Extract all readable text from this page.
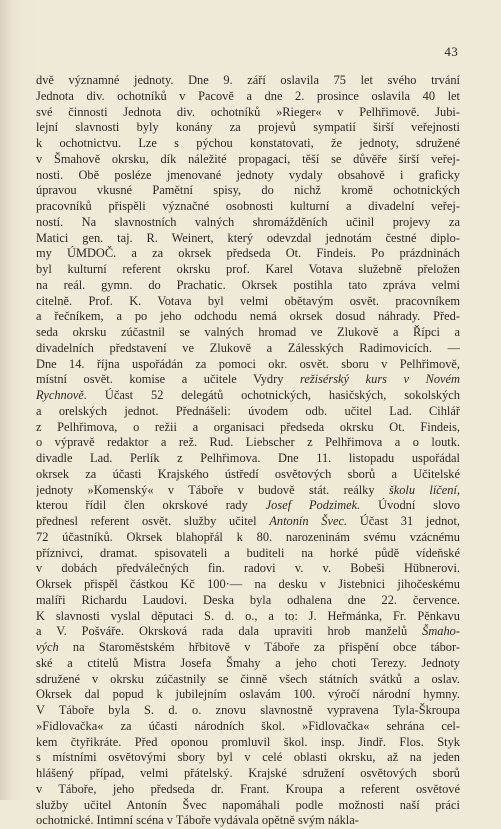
43
dvě významné jednoty. Dne 9. září oslavila 75 let svého trvání
Jednota div. ochotníků v Pacově a dne 2. prosince oslavila 40 let
své činnosti Jednota div. ochotníků »Rieger« v Pelhřimově. Jubi-
lejní slavnosti byly konány za projevů sympatií širší veřejnosti
k ochotnictvu. Lze s pýchou konstatovati, že jednoty, sdružené
v Šmahově okrsku, dík náležité propagaci, těší se důvěře širší veřej-
nosti. Obě posléze jmenované jednoty vydaly obsahově i graficky
úpravou vkusné Pamětní spisy, do nichž kromě ochotnických
pracovníků přispěli význačné osobnosti kulturní a divadelní veřej-
ností. Na slavnostních valných shromážděních učinil projevy za
Matici gen. taj. R. Weinert, který odevzdal jednotám čestné diplo-
my ÚMDOČ. a za okrsek předseda Ot. Findeis. Po prázdninách
byl kulturní referent okrsku prof. Karel Votava služebně přeložen
na reál. gymn. do Prachatic. Okrsek postihla tato zpráva velmi
citelně. Prof. K. Votava byl velmi obětavým osvět. pracovníkem
a řečníkem, a po jeho odchodu nemá okrsek dosud náhrady. Před-
seda okrsku zúčastnil se valných hromad ve Zlukově a Řípci a
divadelních představení ve Zlukově a Zálesských Radimovicích. —
Dne 14. října uspořádán za pomoci okr. osvět. sboru v Pelhřimově,
místní osvět. komise a učitele Vydry režisérský kurs v Novém
Rychnově. Účast 52 delegátů ochotnických, hasičských, sokolských
a orelských jednot. Přednášeli: úvodem odb. učitel Lad. Cihlář
z Pelhřimova, o režii a organisaci předseda okrsku Ot. Findeis,
o výpravě redaktor a rež. Rud. Liebscher z Pelhřimova a o loutk.
divadle Lad. Perlík z Pelhřimova. Dne 11. listopadu uspořádal
okrsek za účasti Krajského ústředí osvětových sborů a Učitelské
jednoty »Komenský« v Táboře v budově stát. reálky školu líčení,
kterou řídil člen okrskové rady Josef Podzimek. Úvodní slovo
přednesl referent osvět. služby učitel Antonín Švec. Účast 31 jednot,
72 účastníků. Okrsek blahopřál k 80. narozeninám svému vzácnému
příznivci, dramat. spisovateli a buditeli na horké půdě vídeňské
v dobách předválečných fin. radovi v. v. Bobeši Hübnerovi.
Okrsek přispěl částkou Kč 100·— na desku v Jistebnici jihočeskému
malíři Richardu Laudovi. Deska byla odhalena dne 22. července.
K slavnosti vyslal děputaci S. d. o., a to: J. Heřmánka, Fr. Pěnkavu
a V. Pošváře. Okrsková rada dala upraviti hrob manželů Šmaho-
vých na Staroměstském hřbitově v Táboře za přispění obce tábor-
ské a ctitelů Mistra Josefa Šmahy a jeho choti Terezy. Jednoty
sdružené v okrsku zúčastnily se činně všech státních svátků a oslav.
Okrsek dal popud k jubilejním oslavám 100. výročí národní hymny.
V Táboře byla S. d. o. znovu slavnostně vypravena Tyla-Škroupa
»Fidlovačka« za účasti národních škol. »Fidlovačka« sehrána cel-
kem čtyřikráte. Před oponou promluvil škol. insp. Jindř. Flos. Styk
s místními osvětovými sbory byl v celé oblasti okrsku, až na jeden
hlášený případ, velmi přátelský. Krajské sdružení osvětových sborů
v Táboře, jeho předseda dr. Frant. Kroupa a referent osvětové
služby učitel Antonín Švec napomáhali podle možnosti naší práci
ochotnické. Intimní scéna v Táboře vydávala opětně svým nákla-
